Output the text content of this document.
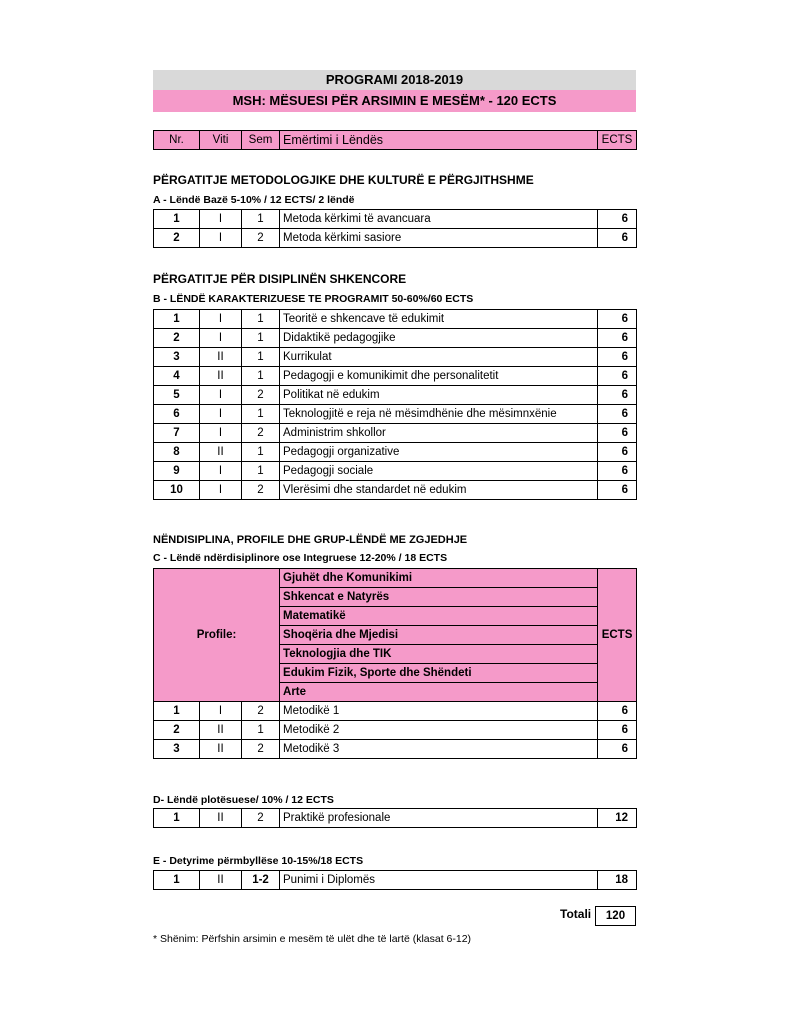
PROGRAMI 2018-2019
MSH: MËSUESI PËR ARSIMIN E MESËM* - 120 ECTS
Nr.	Viti	Sem	Emërtimi i Lëndës	ECTS
PËRGATITJE METODOLOGJIKE DHE KULTURË E PËRGJITHSHME
A - Lëndë Bazë 5-10% / 12 ECTS/ 2 lëndë
1	I	1	Metoda kërkimi të avancuara	6
2	I	2	Metoda kërkimi sasiore	6
PËRGATITJE PËR DISIPLINËN SHKENCORE
B - LËNDË KARAKTERIZUESE TE PROGRAMIT 50-60%/60 ECTS
1	I	1	Teoritë e shkencave të edukimit	6
2	I	1	Didaktikë pedagogjike	6
3	II	1	Kurrikulat	6
4	II	1	Pedagogji e komunikimit dhe personalitetit	6
5	I	2	Politikat në edukim	6
6	I	1	Teknologjitë e reja në mësimdhënie dhe mësimnxënie	6
7	I	2	Administrim shkollor	6
8	II	1	Pedagogji organizative	6
9	I	1	Pedagogji sociale	6
10	I	2	Vlerësimi dhe standardet në edukim	6
NËNDISIPLINA, PROFILE DHE GRUP-LËNDË ME ZGJEDHJE
C - Lëndë ndërdisiplinore ose Integruese 12-20% / 18 ECTS
Profile:			Gjuhët dhe Komunikimi	ECTS
			Shkencat e Natyrës	
			Matematikë	
			Shoqëria dhe Mjedisi	
			Teknologjia dhe TIK	
			Edukim Fizik, Sporte dhe Shëndeti	
			Arte	
1	I	2	Metodikë 1	6
2	II	1	Metodikë 2	6
3	II	2	Metodikë 3	6
D- Lëndë plotësuese/ 10% / 12 ECTS
1	II	2	Praktikë profesionale	12
E - Detyrime përmbyllëse 10-15%/18 ECTS
1	II	1-2	Punimi i Diplomës	18
Totali	120
* Shënim: Përfshin arsimin e mesëm të ulët dhe të lartë (klasat 6-12)
